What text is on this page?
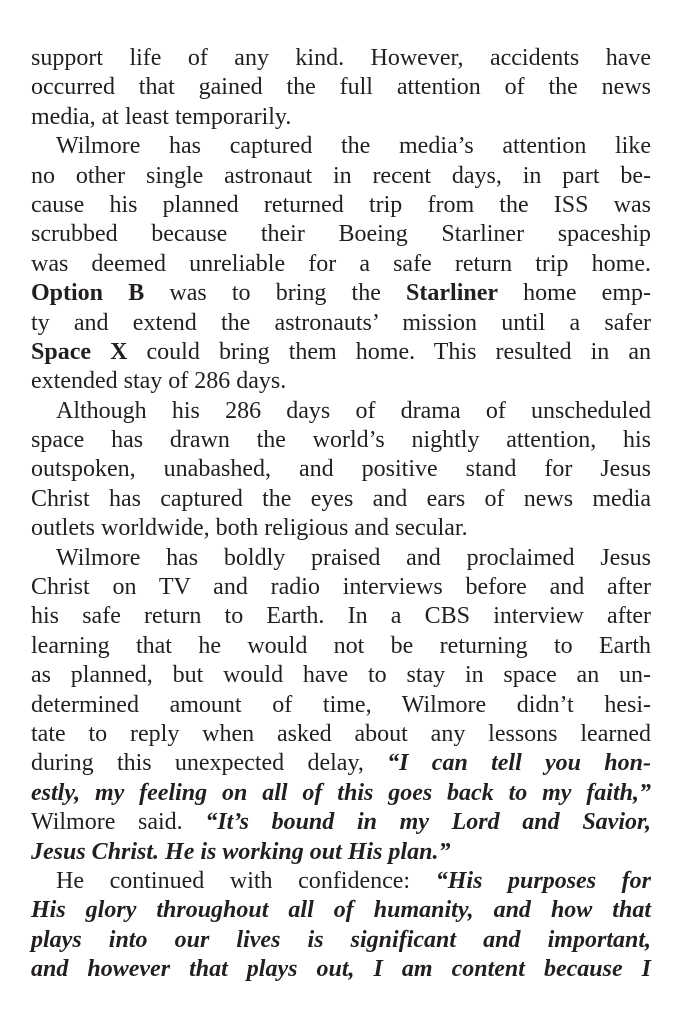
support life of any kind. However, accidents have
occurred that gained the full attention of the news
media, at least temporarily.
Wilmore has captured the media’s attention like
no other single astronaut in recent days, in part be-
cause his planned returned trip from the ISS was
scrubbed because their Boeing Starliner spaceship
was deemed unreliable for a safe return trip home.
Option B was to bring the Starliner home emp-
ty and extend the astronauts’ mission until a safer
Space X could bring them home. This resulted in an
extended stay of 286 days.
Although his 286 days of drama of unscheduled
space has drawn the world’s nightly attention, his
outspoken, unabashed, and positive stand for Jesus
Christ has captured the eyes and ears of news media
outlets worldwide, both religious and secular.
Wilmore has boldly praised and proclaimed Jesus
Christ on TV and radio interviews before and after
his safe return to Earth. In a CBS interview after
learning that he would not be returning to Earth
as planned, but would have to stay in space an un-
determined amount of time, Wilmore didn’t hesi-
tate to reply when asked about any lessons learned
during this unexpected delay, “I can tell you hon-
estly, my feeling on all of this goes back to my faith,”
Wilmore said. “It’s bound in my Lord and Savior,
Jesus Christ. He is working out His plan.”
He continued with confidence: “His purposes for
His glory throughout all of humanity, and how that
plays into our lives is significant and important,
and however that plays out, I am content because I
